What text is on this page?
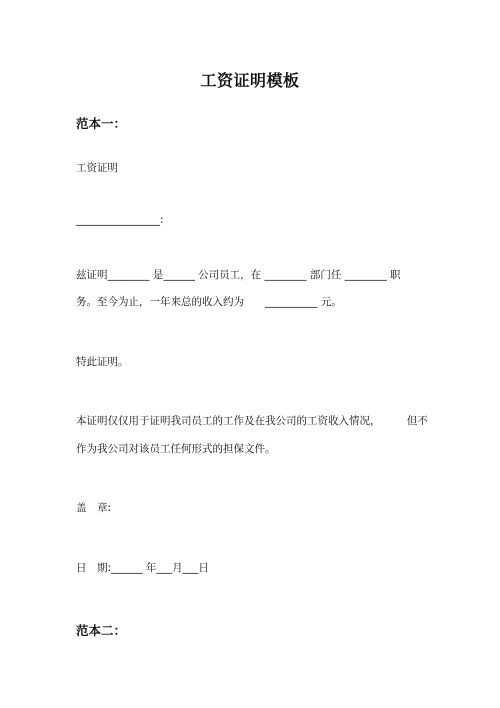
工资证明模板
范本一：
工资证明
________________:
兹证明________ 是______ 公司员工，在 ________ 部门任 ________ 职
务。至今为止，一年来总的收入约为　　__________ 元。
特此证明。
本证明仅仅用于证明我司员工的工作及在我公司的工资收入情况，　　　但不
作为我公司对该员工任何形式的担保文件。
盖　章:
日　期:______ 年___月___日
范本二：
